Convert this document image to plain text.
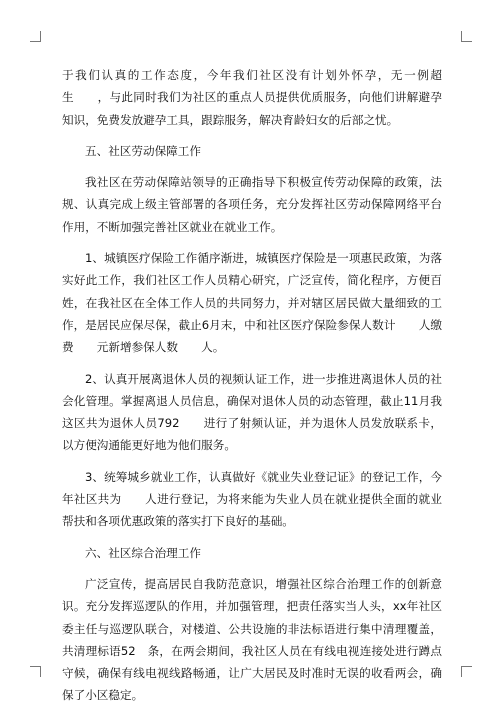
于我们认真的工作态度，今年我们社区没有计划外怀孕，无一例超生　　，与此同时我们为社区的重点人员提供优质服务，向他们讲解避孕知识，免费发放避孕工具，跟踪服务，解决育龄妇女的后部之忧。

五、社区劳动保障工作

我社区在劳动保障站领导的正确指导下积极宣传劳动保障的政策，法规、认真完成上级主管部署的各项任务，充分发挥社区劳动保障网络平台作用，不断加强完善社区就业在就业工作。

1、城镇医疗保险工作循序渐进，城镇医疗保险是一项惠民政策，为落实好此工作，我们社区工作人员精心研究，广泛宣传，简化程序，方便百姓，在我社区在全体工作人员的共同努力，并对辖区居民做大量细致的工作，是居民应保尽保，截止6月末，中和社区医疗保险参保人数计　　人缴费　　元新增参保人数　　人。

2、认真开展离退休人员的视频认证工作，进一步推进离退休人员的社会化管理。掌握离退人员信息，确保对退休人员的动态管理，截止11月我这区共为退休人员792　　进行了射频认证，并为退休人员发放联系卡，以方便沟通能更好地为他们服务。

3、统筹城乡就业工作，认真做好《就业失业登记证》的登记工作，今年社区共为　　人进行登记，为将来能为失业人员在就业提供全面的就业帮扶和各项优惠政策的落实打下良好的基础。

六、社区综合治理工作

广泛宣传，提高居民自我防范意识，增强社区综合治理工作的创新意识。充分发挥巡逻队的作用，并加强管理，把责任落实当人头，xx年社区委主任与巡逻队联合，对楼道、公共设施的非法标语进行集中清理覆盖，共清理标语52　条，在两会期间，我社区人员在有线电视连接处进行蹲点守候，确保有线电视线路畅通，让广大居民及时准时无误的收看两会，确保了小区稳定。
